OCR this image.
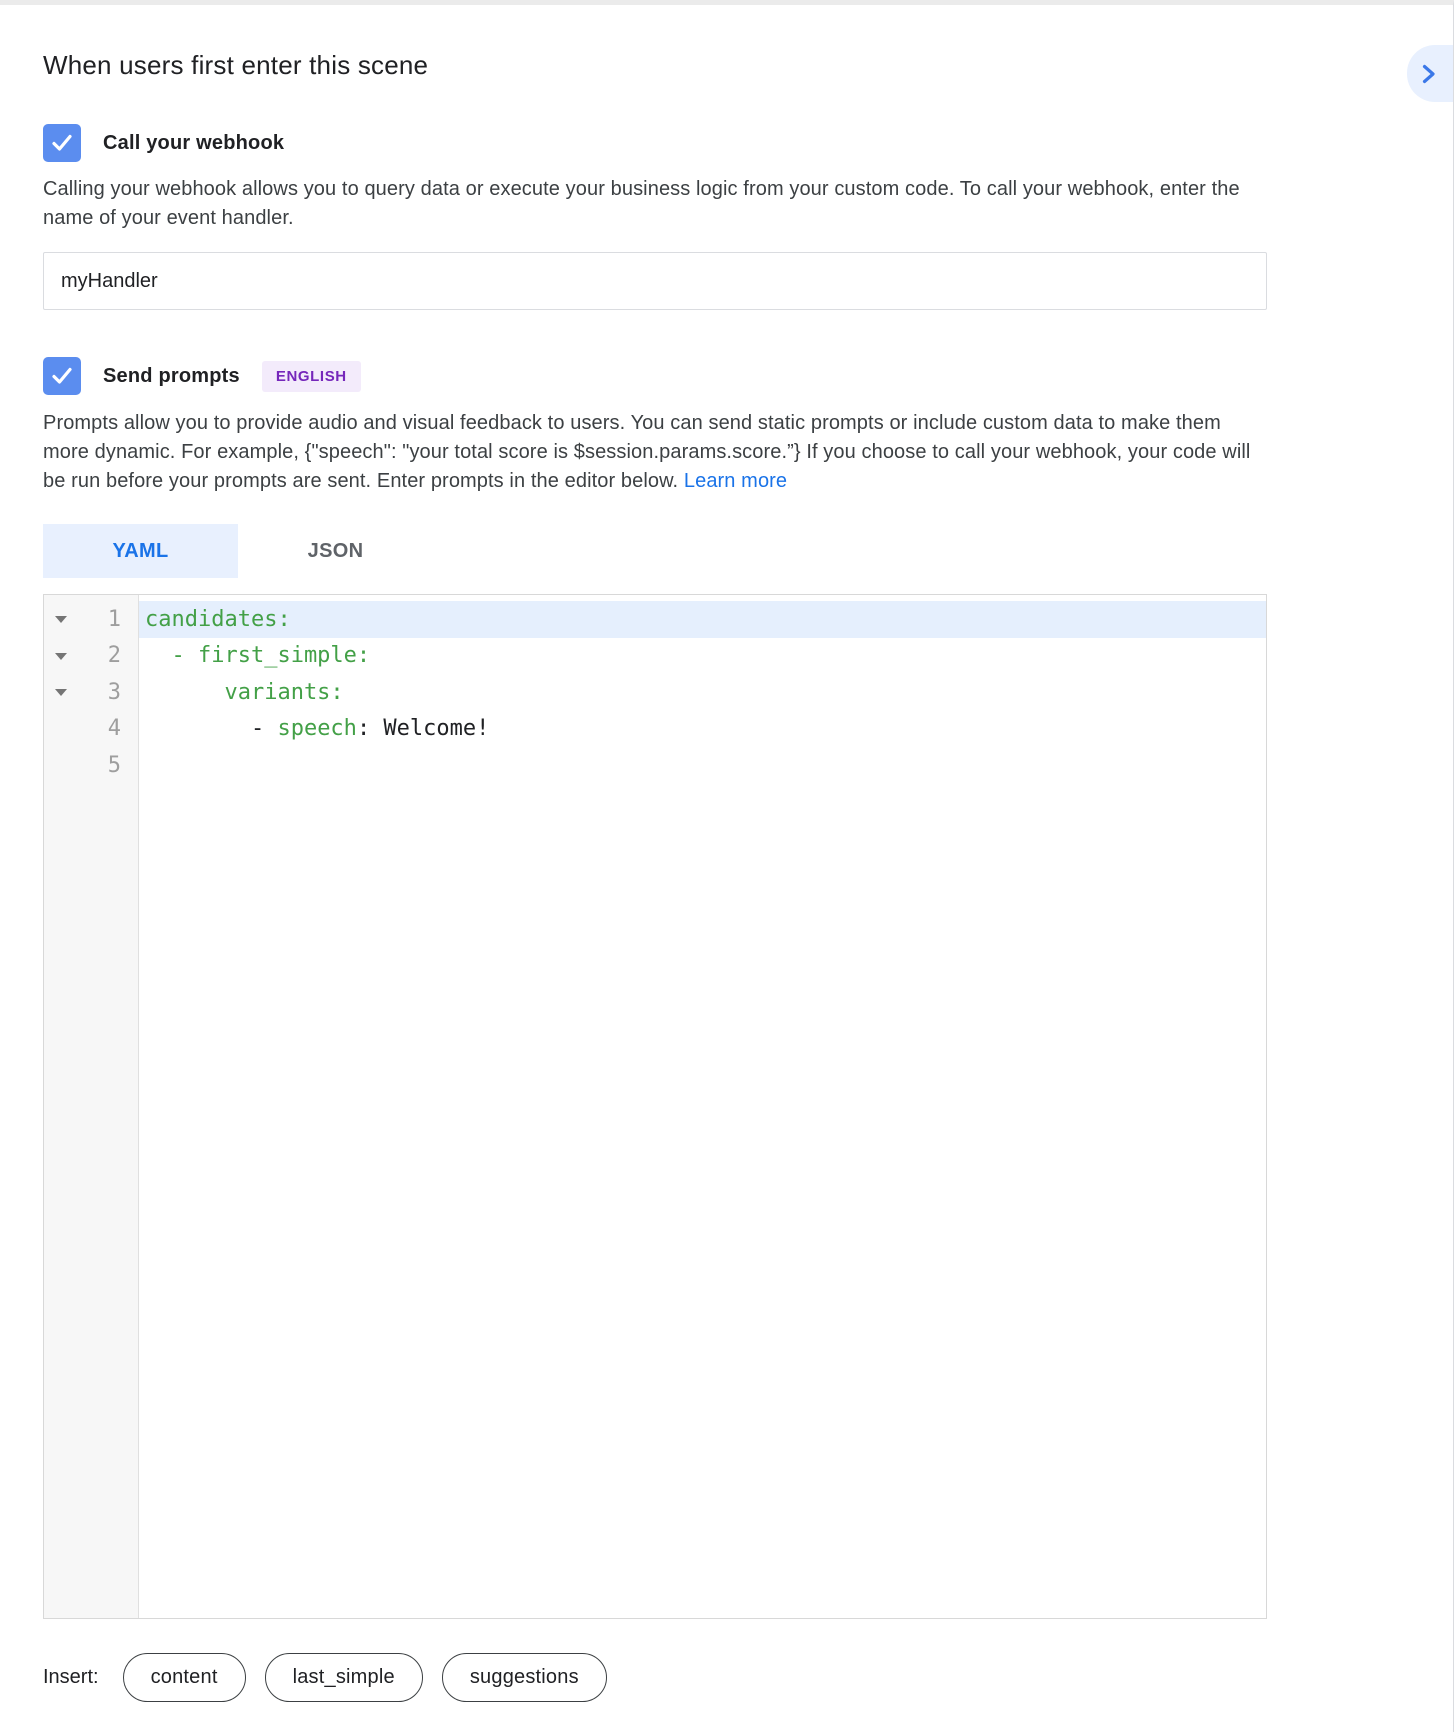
When users first enter this scene
Call your webhook

Calling your webhook allows you to query data or execute your business logic from your custom code. To call your webhook, enter the name of your event handler.

myHandler
Send prompts	ENGLISH

Prompts allow you to provide audio and visual feedback to users. You can send static prompts or include custom data to make them more dynamic. For example, {"speech": "your total score is $session.params.score.”} If you choose to call your webhook, your code will be run before your prompts are sent. Enter prompts in the editor below. Learn more

YAML	JSON
1	candidates:
2	- first_simple:
3	variants:
4	- speech : Welcome!
5
Insert:	content	last_simple	suggestions
